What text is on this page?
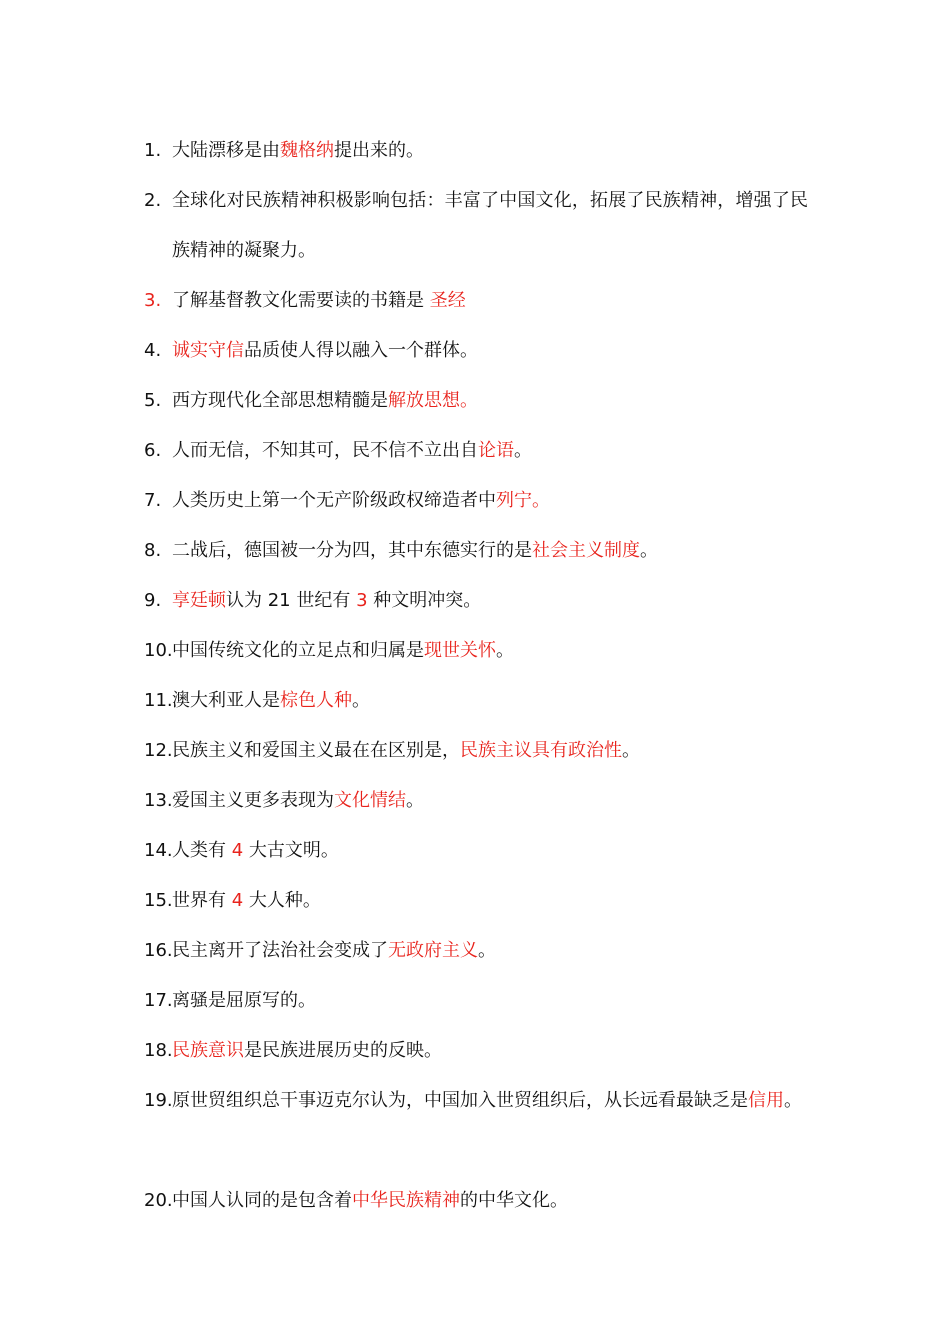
1. 大陆漂移是由魏格纳提出来的。
2. 全球化对民族精神积极影响包括：丰富了中国文化，拓展了民族精神，增强了民族精神的凝聚力。
3. 了解基督教文化需要读的书籍是 圣经
4. 诚实守信品质使人得以融入一个群体。
5. 西方现代化全部思想精髓是解放思想。
6. 人而无信，不知其可，民不信不立出自论语。
7. 人类历史上第一个无产阶级政权缔造者中列宁。
8. 二战后，德国被一分为四，其中东德实行的是社会主义制度。
9. 享廷顿认为 21 世纪有 3 种文明冲突。
10.中国传统文化的立足点和归属是现世关怀。
11.澳大利亚人是棕色人种。
12.民族主义和爱国主义最在在区别是，民族主议具有政治性。
13.爱国主义更多表现为文化情结。
14.人类有 4 大古文明。
15.世界有 4 大人种。
16.民主离开了法治社会变成了无政府主义。
17.离骚是屈原写的。
18.民族意识是民族进展历史的反映。
19.原世贸组织总干事迈克尔认为，中国加入世贸组织后，从长远看最缺乏是信用。
20.中国人认同的是包含着中华民族精神的中华文化。
